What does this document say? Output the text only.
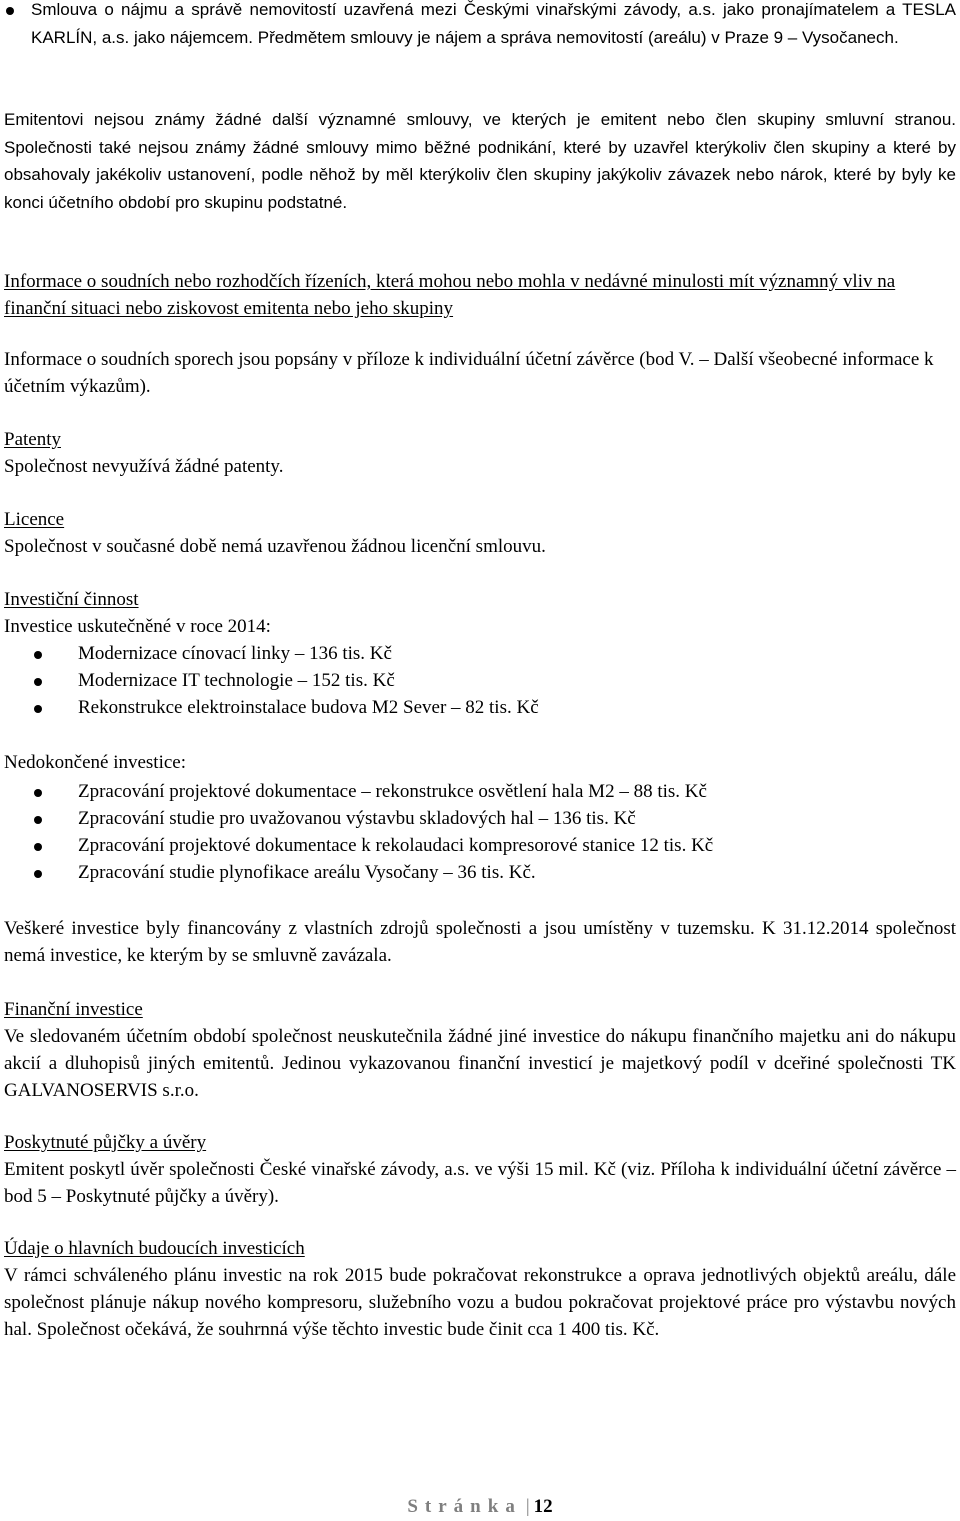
Smlouva o nájmu a správě nemovitostí uzavřená mezi Českými vinařskými závody, a.s. jako pronajímatelem a TESLA KARLÍN, a.s. jako nájemcem. Předmětem smlouvy je nájem a správa nemovitostí (areálu) v Praze 9 – Vysočanech.

Emitentovi nejsou známy žádné další významné smlouvy, ve kterých je emitent nebo člen skupiny smluvní stranou. Společnosti také nejsou známy žádné smlouvy mimo běžné podnikání, které by uzavřel kterýkoliv člen skupiny a které by obsahovaly jakékoliv ustanovení, podle něhož by měl kterýkoliv člen skupiny jakýkoliv závazek nebo nárok, které by byly ke konci účetního období pro skupinu podstatné.

Informace o soudních nebo rozhodčích řízeních, která mohou nebo mohla v nedávné minulosti mít významný vliv na finanční situaci nebo ziskovost emitenta nebo jeho skupiny
Informace o soudních sporech jsou popsány v příloze k individuální účetní závěrce (bod V. – Další všeobecné informace k účetním výkazům).
Patenty
Společnost nevyužívá žádné patenty.
Licence
Společnost v současné době nemá uzavřenou žádnou licenční smlouvu.
Investiční činnost
Investice uskutečněné v roce 2014:
Modernizace cínovací linky – 136 tis. Kč
Modernizace IT technologie – 152 tis. Kč
Rekonstrukce elektroinstalace budova M2 Sever – 82 tis. Kč
Nedokončené investice:
Zpracování projektové dokumentace – rekonstrukce osvětlení hala M2 – 88 tis. Kč
Zpracování studie pro uvažovanou výstavbu skladových hal – 136 tis. Kč
Zpracování projektové dokumentace k rekolaudaci kompresorové stanice 12 tis. Kč
Zpracování studie plynofikace areálu Vysočany – 36 tis. Kč.
Veškeré investice byly financovány z vlastních zdrojů společnosti a jsou umístěny v tuzemsku. K 31.12.2014 společnost nemá investice, ke kterým by se smluvně zavázala.
Finanční investice
Ve sledovaném účetním období společnost neuskutečnila žádné jiné investice do nákupu finančního majetku ani do nákupu akcií a dluhopisů jiných emitentů. Jedinou vykazovanou finanční investicí je majetkový podíl v dceřiné společnosti TK GALVANOSERVIS s.r.o.
Poskytnuté půjčky a úvěry
Emitent poskytl úvěr společnosti České vinařské závody, a.s. ve výši 15 mil. Kč (viz. Příloha k individuální účetní závěrce – bod 5 – Poskytnuté půjčky a úvěry).
Údaje o hlavních budoucích investicích
V rámci schváleného plánu investic na rok 2015 bude pokračovat rekonstrukce a oprava jednotlivých objektů areálu, dále společnost plánuje nákup nového kompresoru, služebního vozu a budou pokračovat projektové práce pro výstavbu nových hal. Společnost očekává, že souhrnná výše těchto investic bude činit cca 1 400 tis. Kč.
Stránka | 12
